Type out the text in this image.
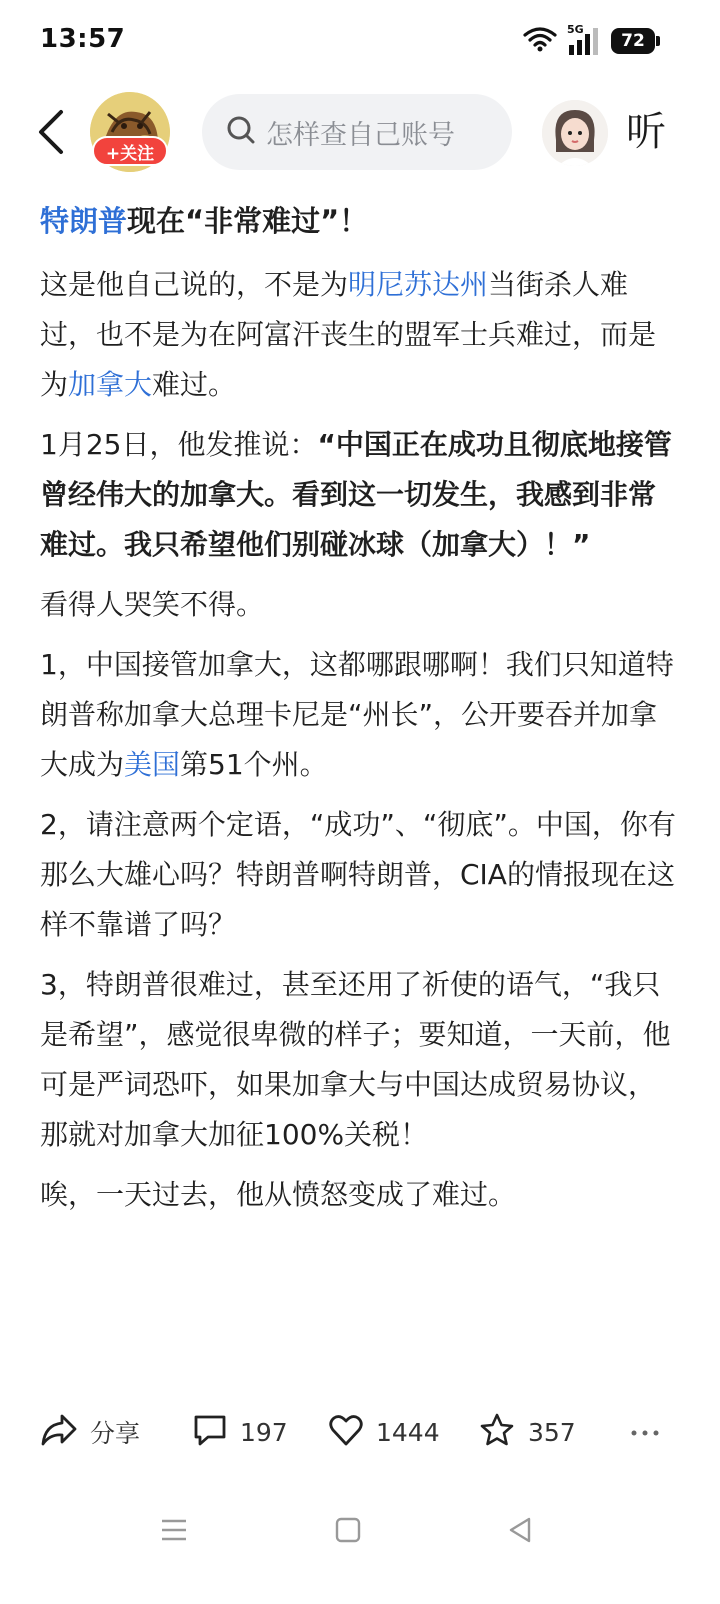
13:57	5G
72
+关注
怎样查自己账号	听
特朗普现在“非常难过”！

这是他自己说的，不是为明尼苏达州当街杀人难过，也不是为在阿富汗丧生的盟军士兵难过，而是为加拿大难过。

1月25日，他发推说：“中国正在成功且彻底地接管曾经伟大的加拿大。看到这一切发生，我感到非常难过。我只希望他们别碰冰球（加拿大）！”

看得人哭笑不得。

1，中国接管加拿大，这都哪跟哪啊！我们只知道特朗普称加拿大总理卡尼是“州长”，公开要吞并加拿大成为美国第51个州。

2，请注意两个定语，“成功”、“彻底”。中国，你有那么大雄心吗？特朗普啊特朗普，CIA的情报现在这样不靠谱了吗？

3，特朗普很难过，甚至还用了祈使的语气，“我只是希望”，感觉很卑微的样子；要知道，一天前，他可是严词恐吓，如果加拿大与中国达成贸易协议，那就对加拿大加征100%关税！

唉，一天过去，他从愤怒变成了难过。

分享	197	1444	357
